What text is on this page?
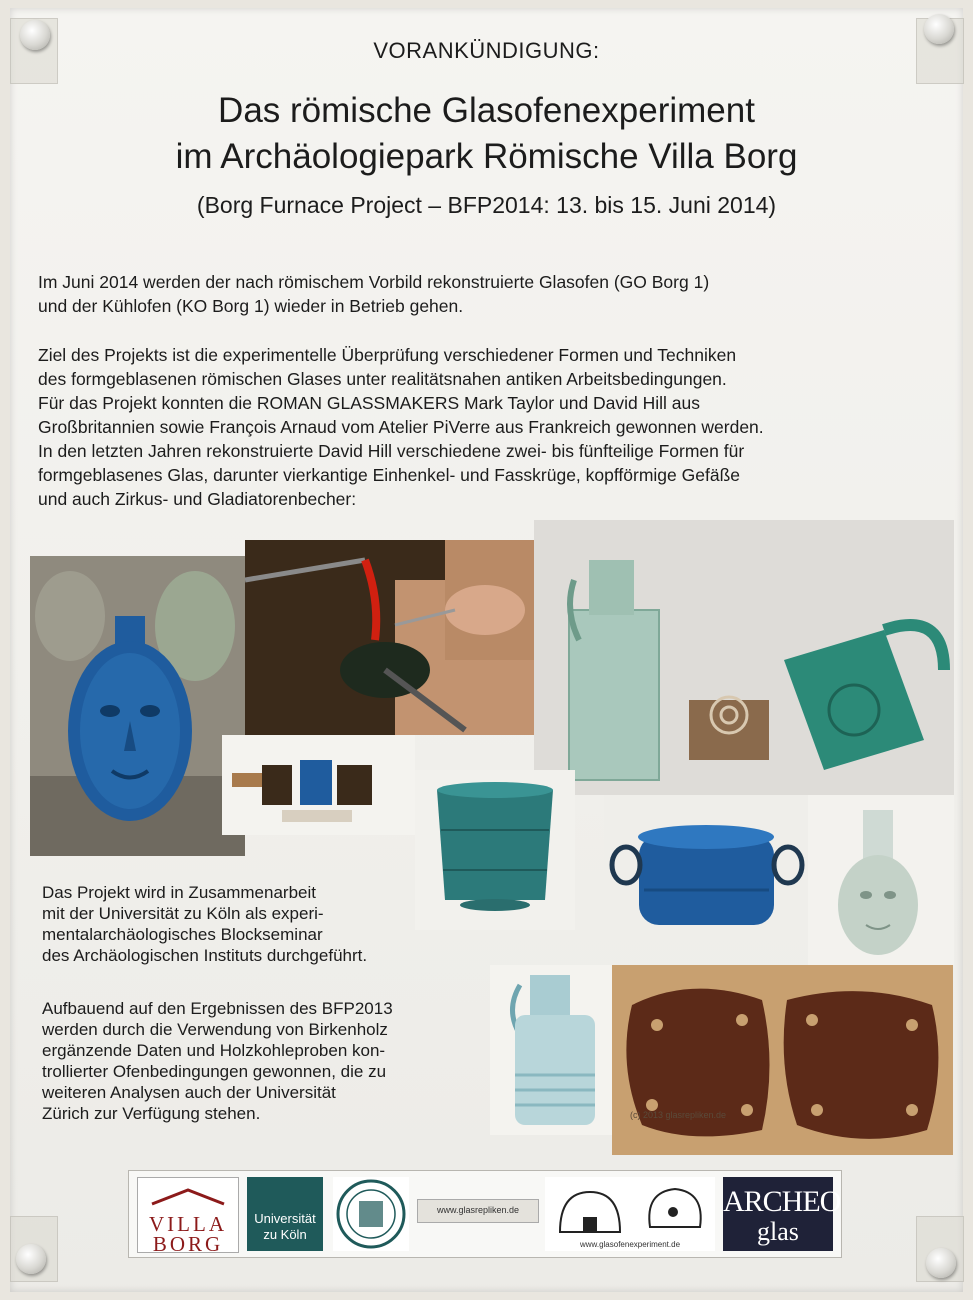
VORANKÜNDIGUNG:
Das römische Glasofenexperiment
im Archäologiepark Römische Villa Borg
(Borg Furnace Project – BFP2014: 13. bis 15. Juni 2014)
Im Juni 2014 werden der nach römischem Vorbild rekonstruierte Glasofen (GO Borg 1)
und der Kühlofen (KO Borg 1) wieder in Betrieb gehen.
Ziel des Projekts ist die experimentelle Überprüfung verschiedener Formen und Techniken
des formgeblasenen römischen Glases unter realitätsnahen antiken Arbeitsbedingungen.
Für das Projekt konnten die ROMAN GLASSMAKERS Mark Taylor und David Hill aus
Großbritannien sowie François Arnaud vom Atelier PiVerre aus Frankreich gewonnen werden.
In den letzten Jahren rekonstruierte David Hill verschiedene zwei- bis fünfteilige Formen für
formgeblasenes Glas, darunter vierkantige Einhenkel- und Fasskrüge, kopfförmige Gefäße
und auch Zirkus- und Gladiatorenbecher:
(c) 2013 glasrepliken.de
Das Projekt wird in Zusammenarbeit
mit der Universität zu Köln als experi-
mentalarchäologisches Blockseminar
des Archäologischen Instituts durchgeführt.
Aufbauend auf den Ergebnissen des BFP2013
werden durch die Verwendung von Birkenholz
ergänzende Daten und Holzkohleproben kon-
trollierter Ofenbedingungen gewonnen, die zu
weiteren Analysen auch der Universität
Zürich zur Verfügung stehen.
VILLA
BORG
Universität
zu Köln
www.glasrepliken.de
www.glasofenexperiment.de
ARCHEO
glas
